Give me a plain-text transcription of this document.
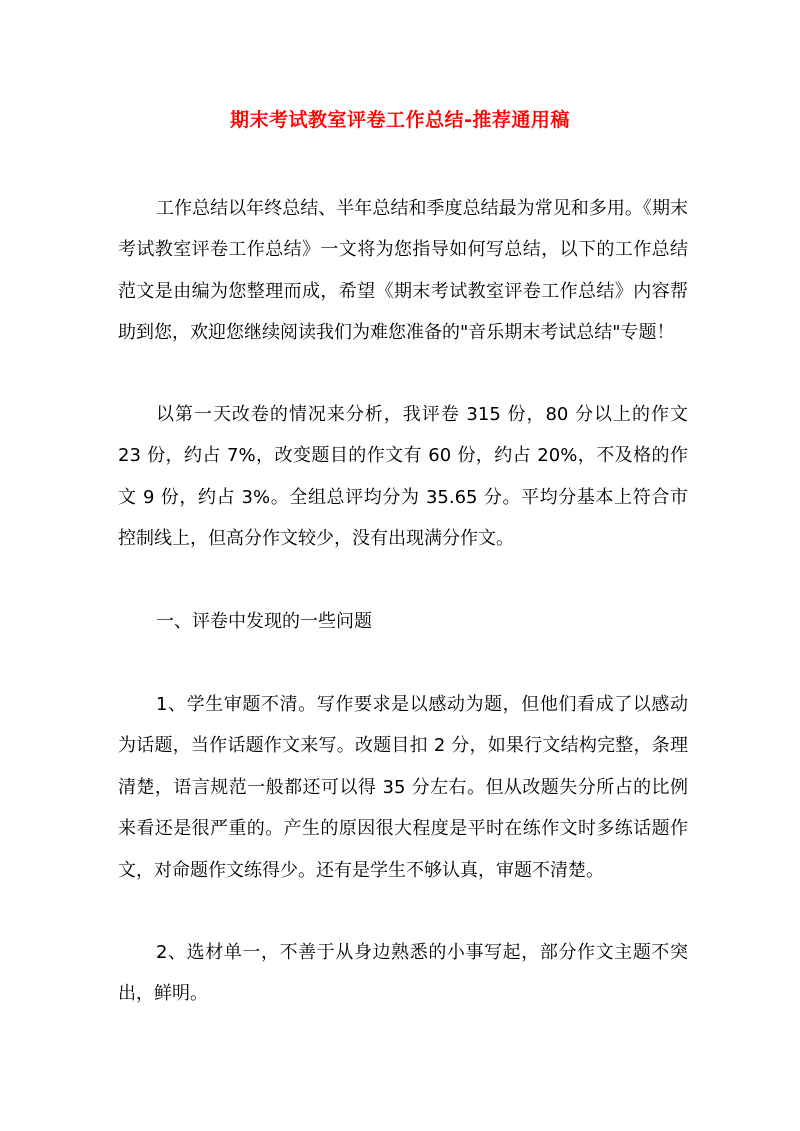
期末考试教室评卷工作总结-推荐通用稿
工作总结以年终总结、半年总结和季度总结最为常见和多用。《期末考试教室评卷工作总结》一文将为您指导如何写总结，以下的工作总结范文是由编为您整理而成，希望《期末考试教室评卷工作总结》内容帮助到您，欢迎您继续阅读我们为难您准备的"音乐期末考试总结"专题！
以第一天改卷的情况来分析，我评卷 315 份，80 分以上的作文 23 份，约占 7%，改变题目的作文有 60 份，约占 20%，不及格的作文 9 份，约占 3%。全组总评均分为 35.65 分。平均分基本上符合市控制线上，但高分作文较少，没有出现满分作文。
一、评卷中发现的一些问题
1、学生审题不清。写作要求是以感动为题，但他们看成了以感动为话题，当作话题作文来写。改题目扣 2 分，如果行文结构完整，条理清楚，语言规范一般都还可以得 35 分左右。但从改题失分所占的比例来看还是很严重的。产生的原因很大程度是平时在练作文时多练话题作文，对命题作文练得少。还有是学生不够认真，审题不清楚。
2、选材单一，不善于从身边熟悉的小事写起，部分作文主题不突出，鲜明。
